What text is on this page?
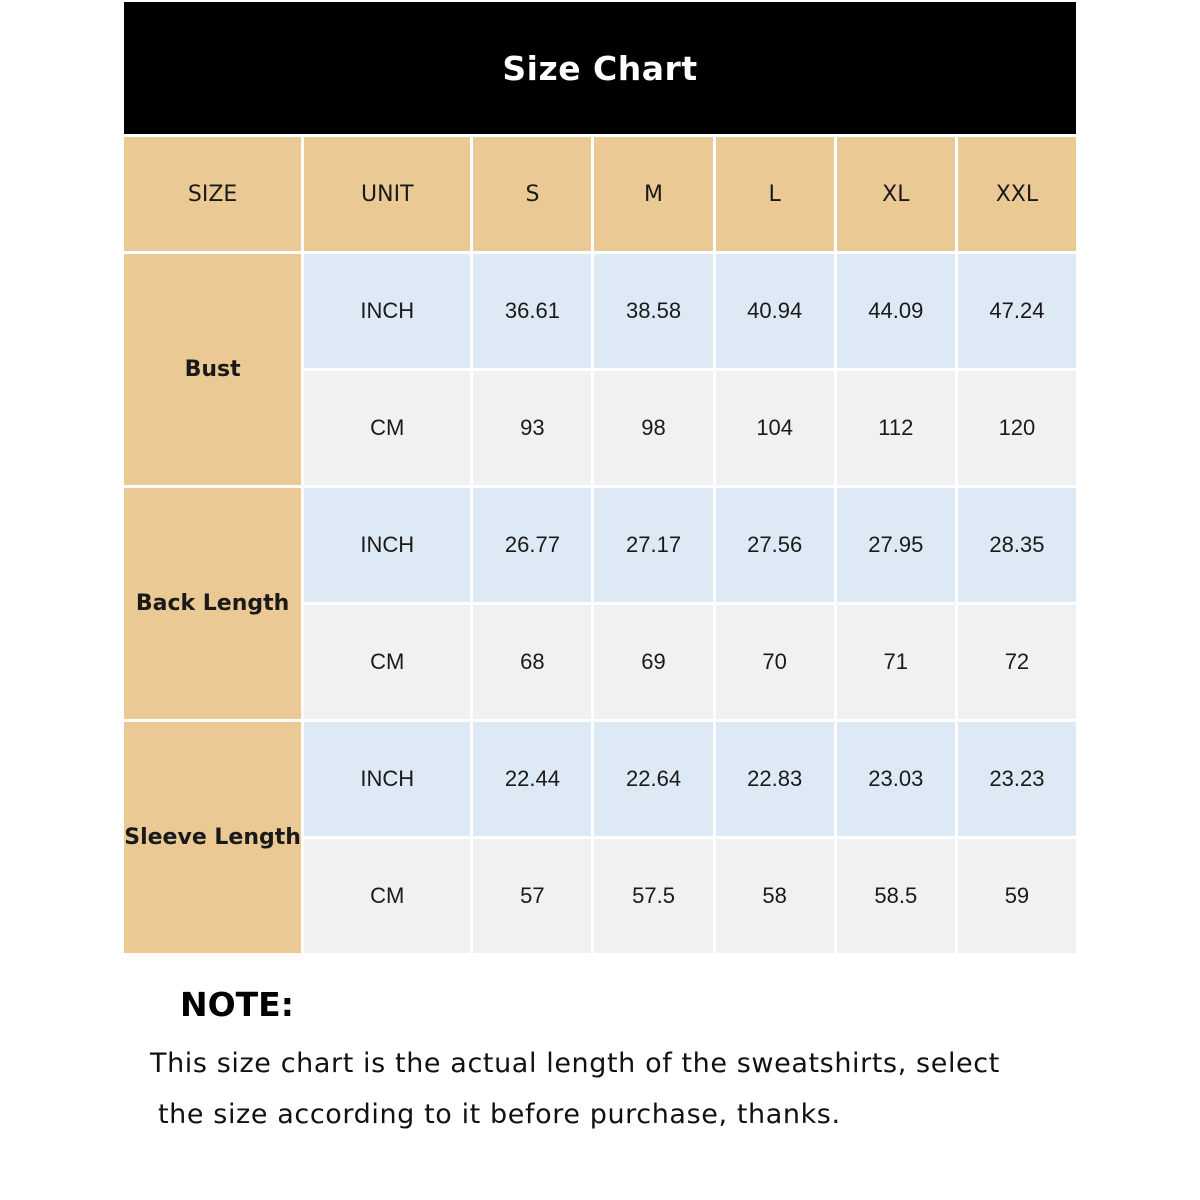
Size Chart
SIZE	UNIT	S	M	L	XL	XXL
Bust	INCH	36.61	38.58	40.94	44.09	47.24
	CM	93	98	104	112	120
Back Length	INCH	26.77	27.17	27.56	27.95	28.35
	CM	68	69	70	71	72
Sleeve Length	INCH	22.44	22.64	22.83	23.03	23.23
	CM	57	57.5	58	58.5	59
NOTE:
This size chart is the actual length of the sweatshirts, select
the size according to it before purchase, thanks.
